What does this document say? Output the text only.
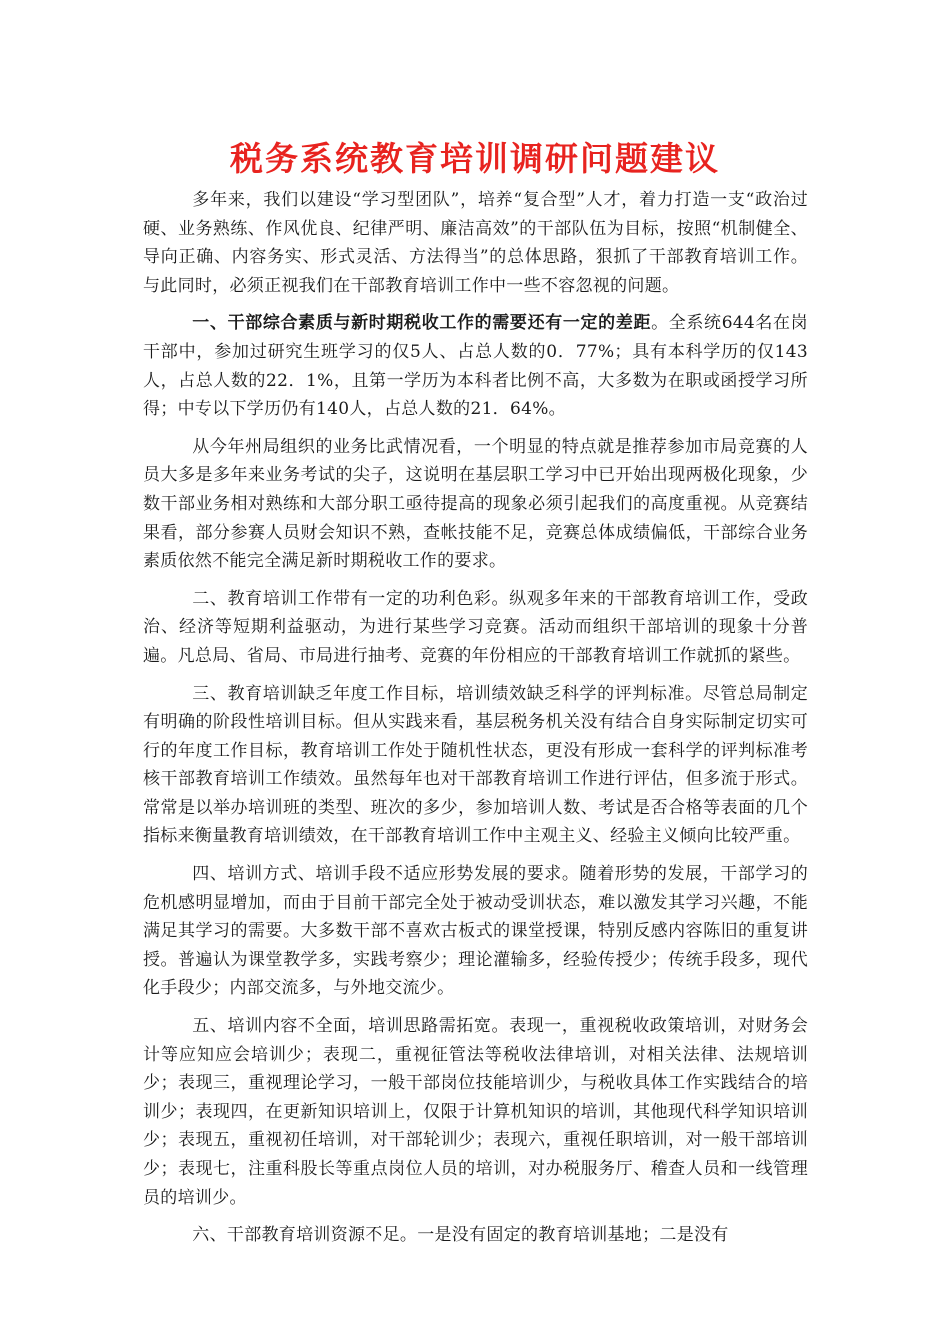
税务系统教育培训调研问题建议

多年来，我们以建设“学习型团队”，培养“复合型”人才，着力打造一支“政治过硬、业务熟练、作风优良、纪律严明、廉洁高效”的干部队伍为目标，按照“机制健全、导向正确、内容务实、形式灵活、方法得当”的总体思路，狠抓了干部教育培训工作。与此同时，必须正视我们在干部教育培训工作中一些不容忽视的问题。

一、干部综合素质与新时期税收工作的需要还有一定的差距。全系统644名在岗干部中，参加过研究生班学习的仅5人、占总人数的0．77%；具有本科学历的仅143人，占总人数的22．1%，且第一学历为本科者比例不高，大多数为在职或函授学习所得；中专以下学历仍有140人，占总人数的21．64%。

从今年州局组织的业务比武情况看，一个明显的特点就是推荐参加市局竞赛的人员大多是多年来业务考试的尖子，这说明在基层职工学习中已开始出现两极化现象，少数干部业务相对熟练和大部分职工亟待提高的现象必须引起我们的高度重视。从竞赛结果看，部分参赛人员财会知识不熟，查帐技能不足，竞赛总体成绩偏低，干部综合业务素质依然不能完全满足新时期税收工作的要求。

二、教育培训工作带有一定的功利色彩。纵观多年来的干部教育培训工作，受政治、经济等短期利益驱动，为进行某些学习竞赛。活动而组织干部培训的现象十分普遍。凡总局、省局、市局进行抽考、竞赛的年份相应的干部教育培训工作就抓的紧些。

三、教育培训缺乏年度工作目标，培训绩效缺乏科学的评判标准。尽管总局制定有明确的阶段性培训目标。但从实践来看，基层税务机关没有结合自身实际制定切实可行的年度工作目标，教育培训工作处于随机性状态，更没有形成一套科学的评判标准考核干部教育培训工作绩效。虽然每年也对干部教育培训工作进行评估，但多流于形式。常常是以举办培训班的类型、班次的多少，参加培训人数、考试是否合格等表面的几个指标来衡量教育培训绩效，在干部教育培训工作中主观主义、经验主义倾向比较严重。

四、培训方式、培训手段不适应形势发展的要求。随着形势的发展，干部学习的危机感明显增加，而由于目前干部完全处于被动受训状态，难以激发其学习兴趣，不能满足其学习的需要。大多数干部不喜欢古板式的课堂授课，特别反感内容陈旧的重复讲授。普遍认为课堂教学多，实践考察少；理论灌输多，经验传授少；传统手段多，现代化手段少；内部交流多，与外地交流少。

五、培训内容不全面，培训思路需拓宽。表现一，重视税收政策培训，对财务会计等应知应会培训少；表现二，重视征管法等税收法律培训，对相关法律、法规培训少；表现三，重视理论学习，一般干部岗位技能培训少，与税收具体工作实践结合的培训少；表现四，在更新知识培训上，仅限于计算机知识的培训，其他现代科学知识培训少；表现五，重视初任培训，对干部轮训少；表现六，重视任职培训，对一般干部培训少；表现七，注重科股长等重点岗位人员的培训，对办税服务厅、稽查人员和一线管理员的培训少。

六、干部教育培训资源不足。一是没有固定的教育培训基地；二是没有
